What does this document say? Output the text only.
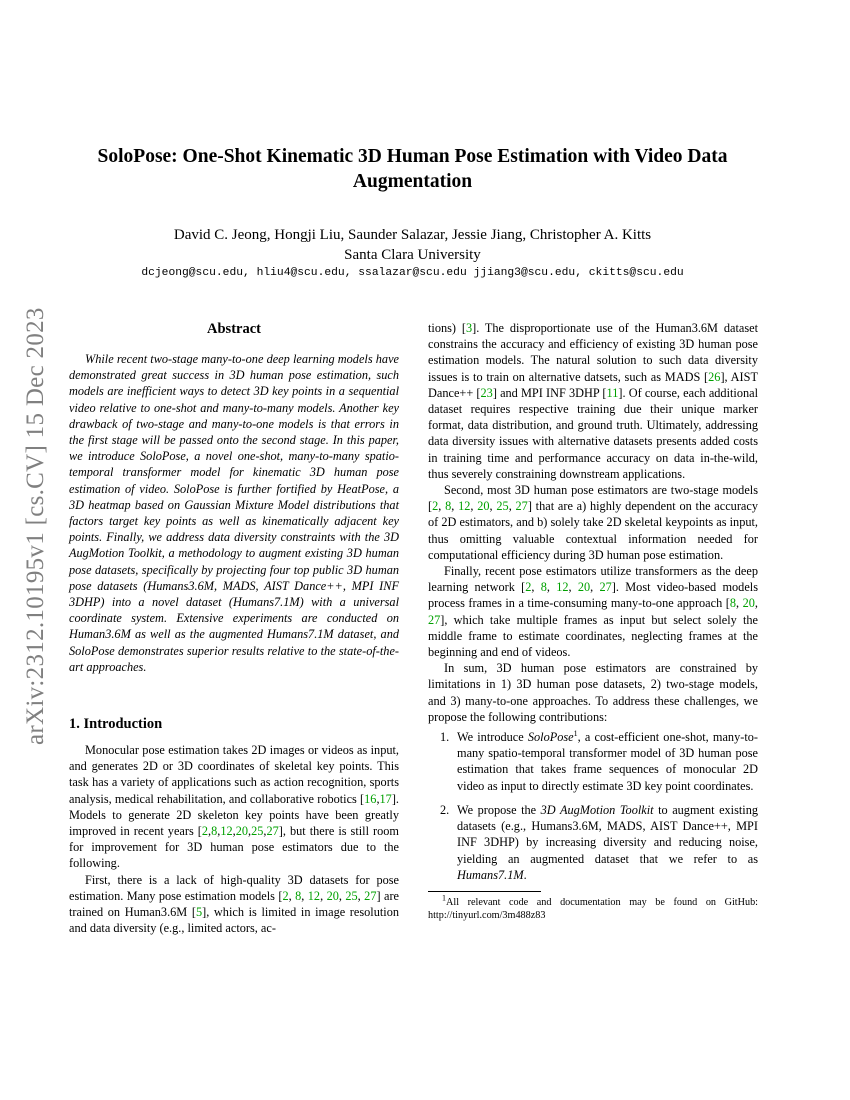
arXiv:2312.10195v1 [cs.CV] 15 Dec 2023
SoloPose: One-Shot Kinematic 3D Human Pose Estimation with Video Data
Augmentation
David C. Jeong, Hongji Liu, Saunder Salazar, Jessie Jiang, Christopher A. Kitts
Santa Clara University
dcjeong@scu.edu, hliu4@scu.edu, ssalazar@scu.edu jjiang3@scu.edu, ckitts@scu.edu
Abstract

While recent two-stage many-to-one deep learning models have demonstrated great success in 3D human pose estimation, such models are inefficient ways to detect 3D key points in a sequential video relative to one-shot and many-to-many models. Another key drawback of two-stage and many-to-one models is that errors in the first stage will be passed onto the second stage. In this paper, we introduce SoloPose, a novel one-shot, many-to-many spatio-temporal transformer model for kinematic 3D human pose estimation of video. SoloPose is further fortified by HeatPose, a 3D heatmap based on Gaussian Mixture Model distributions that factors target key points as well as kinematically adjacent key points. Finally, we address data diversity constraints with the 3D AugMotion Toolkit, a methodology to augment existing 3D human pose datasets, specifically by projecting four top public 3D human pose datasets (Humans3.6M, MADS, AIST Dance++, MPI INF 3DHP) into a novel dataset (Humans7.1M) with a universal coordinate system. Extensive experiments are conducted on Human3.6M as well as the augmented Humans7.1M dataset, and SoloPose demonstrates superior results relative to the state-of-the-art approaches.

1. Introduction

Monocular pose estimation takes 2D images or videos as input, and generates 2D or 3D coordinates of skeletal key points. This task has a variety of applications such as action recognition, sports analysis, medical rehabilitation, and collaborative robotics [16,17]. Models to generate 2D skeleton key points have been greatly improved in recent years [2,8,12,20,25,27], but there is still room for improvement for 3D human pose estimators due to the following.

First, there is a lack of high-quality 3D datasets for pose estimation. Many pose estimation models [2, 8, 12, 20, 25, 27] are trained on Human3.6M [5], which is limited in image resolution and data diversity (e.g., limited actors, ac-

tions) [3]. The disproportionate use of the Human3.6M dataset constrains the accuracy and efficiency of existing 3D human pose estimation models. The natural solution to such data diversity issues is to train on alternative datsets, such as MADS [26], AIST Dance++ [23] and MPI INF 3DHP [11]. Of course, each additional dataset requires respective training due their unique marker format, data distribution, and ground truth. Ultimately, addressing data diversity issues with alternative datasets presents added costs in training time and performance accuracy on data in-the-wild, thus severely constraining downstream applications.

Second, most 3D human pose estimators are two-stage models [2, 8, 12, 20, 25, 27] that are a) highly dependent on the accuracy of 2D estimators, and b) solely take 2D skeletal keypoints as input, thus omitting valuable contextual information needed for computational efficiency during 3D human pose estimation.

Finally, recent pose estimators utilize transformers as the deep learning network [2, 8, 12, 20, 27]. Most video-based models process frames in a time-consuming many-to-one approach [8, 20, 27], which take multiple frames as input but select solely the middle frame to estimate coordinates, neglecting frames at the beginning and end of videos.

In sum, 3D human pose estimators are constrained by limitations in 1) 3D human pose datasets, 2) two-stage models, and 3) many-to-one approaches. To address these challenges, we propose the following contributions:

1. We introduce SoloPose$^1$, a cost-efficient one-shot, many-to-many spatio-temporal transformer model of 3D human pose estimation that takes frame sequences of monocular 2D video as input to directly estimate 3D key point coordinates.
2. We propose the 3D AugMotion Toolkit to augment existing datasets (e.g., Humans3.6M, MADS, AIST Dance++, MPI INF 3DHP) by increasing diversity and reducing noise, yielding an augmented dataset that we refer to as Humans7.1M.
$^1$All relevant code and documentation may be found on GitHub: http://tinyurl.com/3m488z83
